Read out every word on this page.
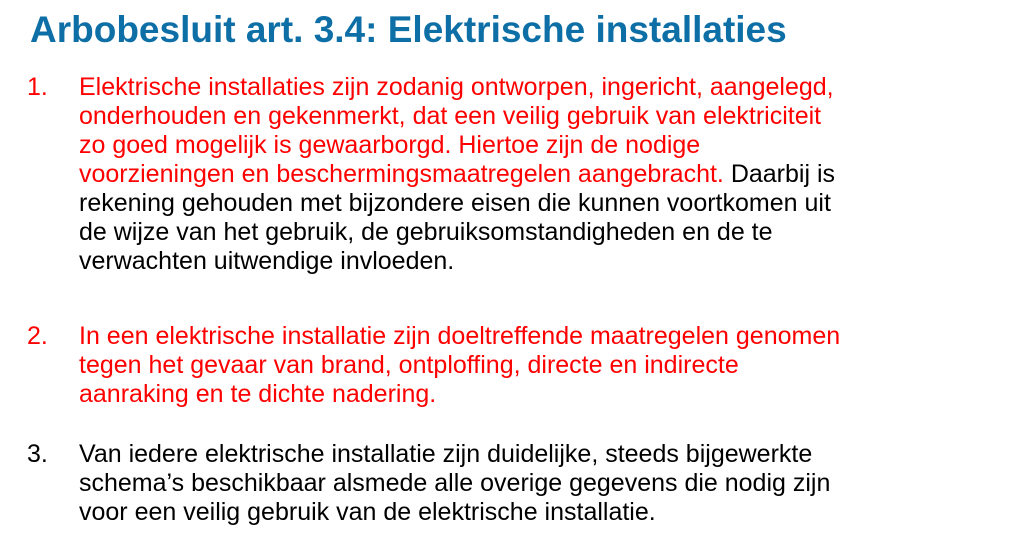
Arbobesluit art. 3.4: Elektrische installaties
1. Elektrische installaties zijn zodanig ontworpen, ingericht, aangelegd,
onderhouden en gekenmerkt, dat een veilig gebruik van elektriciteit
zo goed mogelijk is gewaarborgd. Hiertoe zijn de nodige
voorzieningen en beschermingsmaatregelen aangebracht. Daarbij is
rekening gehouden met bijzondere eisen die kunnen voortkomen uit
de wijze van het gebruik, de gebruiksomstandigheden en de te
verwachten uitwendige invloeden.
2. In een elektrische installatie zijn doeltreffende maatregelen genomen
tegen het gevaar van brand, ontploffing, directe en indirecte
aanraking en te dichte nadering.
3. Van iedere elektrische installatie zijn duidelijke, steeds bijgewerkte
schema’s beschikbaar alsmede alle overige gegevens die nodig zijn
voor een veilig gebruik van de elektrische installatie.
